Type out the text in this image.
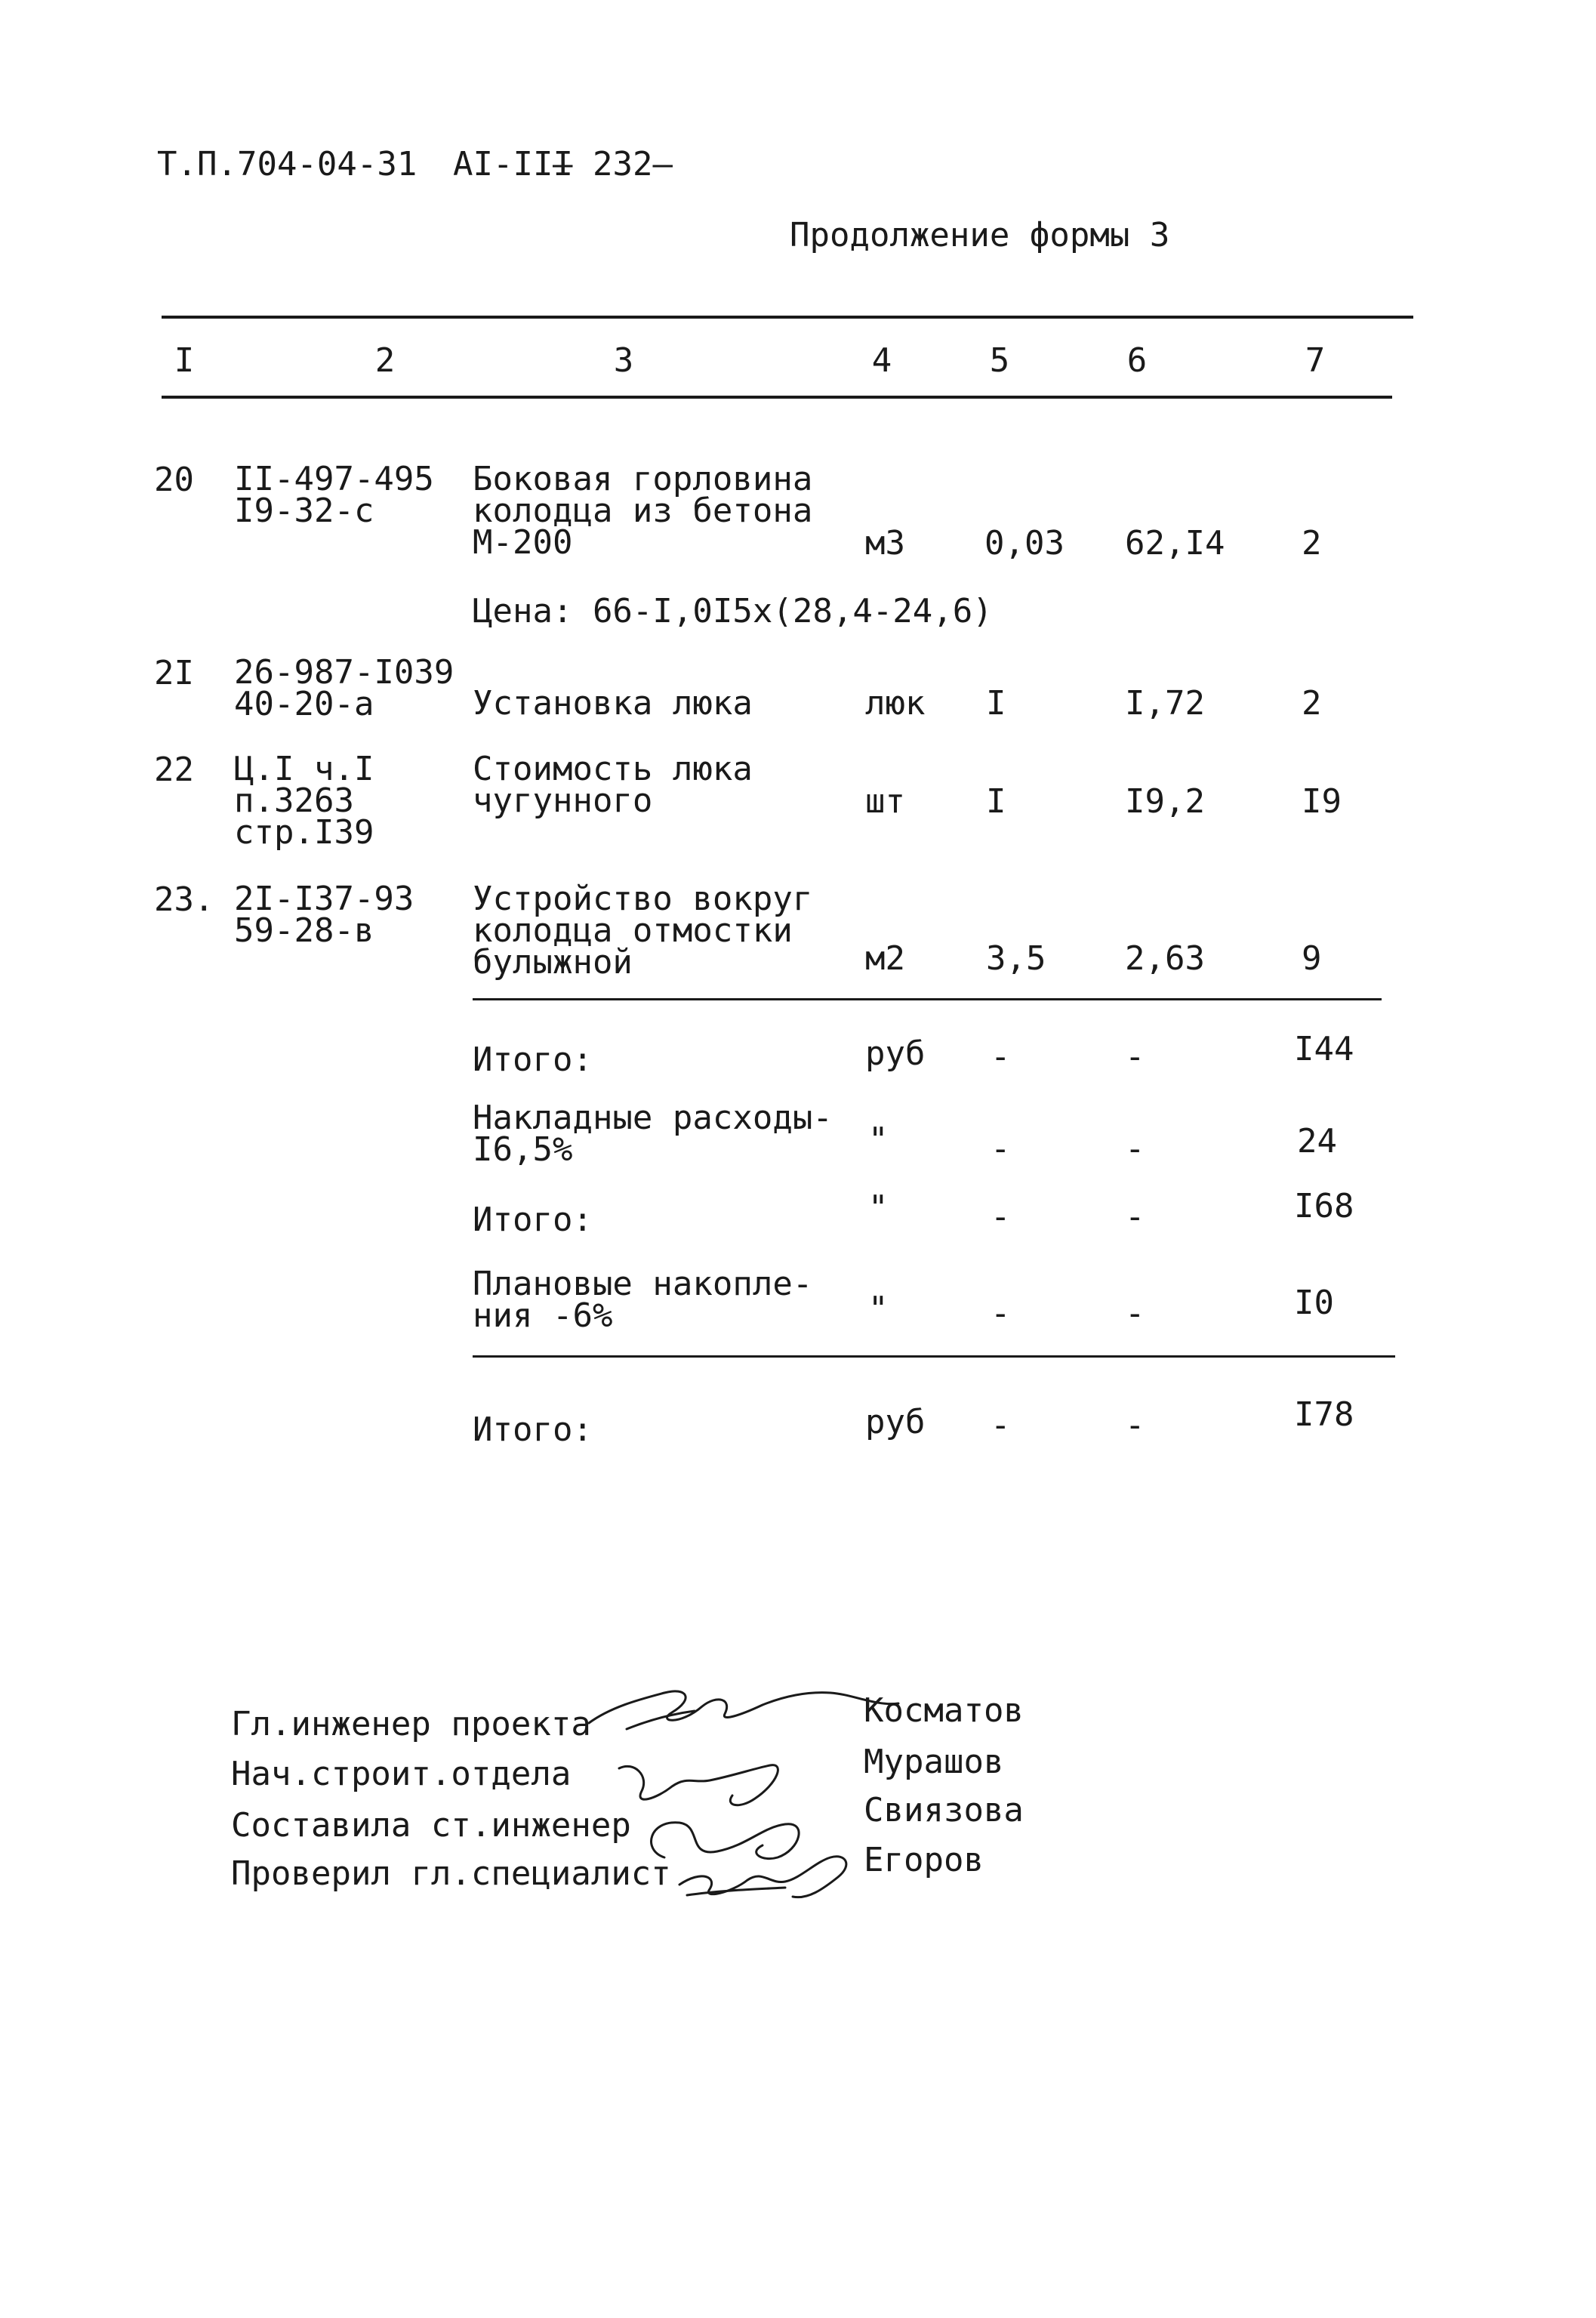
Т.П.704-04-31 АI-III
— 232—
Продолжение формы 3
I	2	3	4	5	6	7
20 II-497-495
I9-32-с
Боковая горловина
колодца из бетона
М-200	м3 0,03 62,I4 2
Цена: 66-I,0I5х(28,4-24,6)
2I 26-987-I039
40-20-а	Установка люка	люк I	I,72	2
22 Ц.I ч.I
п.3263
стр.I39
Стоимость люка
чугунного	шт I	I9,2	I9
23. 2I-I37-93
59-28-в
Устройство вокруг
колодца отмостки
булыжной	м2 3,5 2,63	9
Итого:	руб -	-	I44
Накладные расходы-
I6,5%	"	-	-	24
Итого:	"	-	-	I68
Плановые накопле-
ния -6%	"	-	-	I0
Итого:	руб -	-	I78
Гл.инженер проекта	Косматов
Нач.строит.отдела	Мурашов
Составила ст.инженер	Свиязова
Проверил гл.специалист	Егоров
